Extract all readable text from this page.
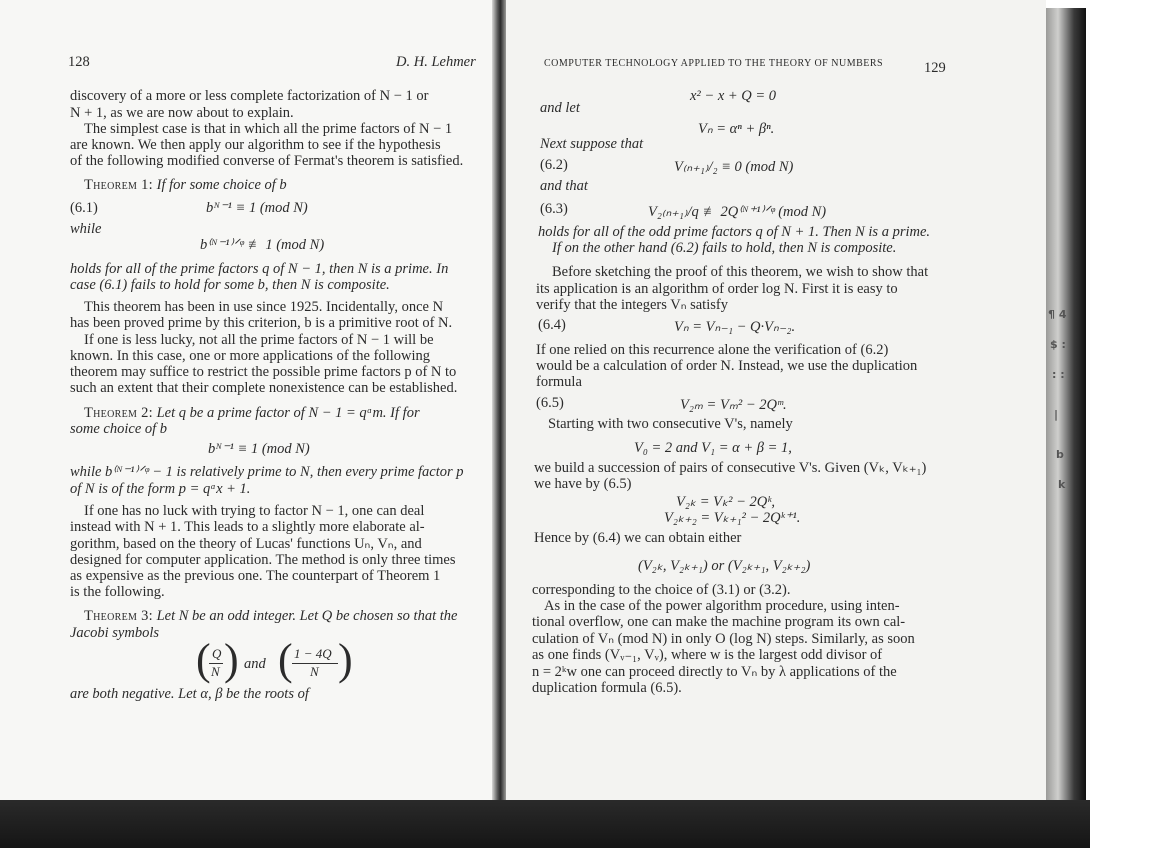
128	D. H. Lehmer
discovery of a more or less complete factorization of N − 1 or
N + 1, as we are now about to explain.
The simplest case is that in which all the prime factors of N − 1
are known. We then apply our algorithm to see if the hypothesis
of the following modified converse of Fermat's theorem is satisfied.
Theorem 1: If for some choice of b
(6.1)	bᴺ⁻¹ ≡ 1 (mod N)
while
b⁽ᴺ⁻¹⁾ᐟᵠ ≢ 1 (mod N)
holds for all of the prime factors q of N − 1, then N is a prime. In
case (6.1) fails to hold for some b, then N is composite.
This theorem has been in use since 1925. Incidentally, once N
has been proved prime by this criterion, b is a primitive root of N.
If one is less lucky, not all the prime factors of N − 1 will be
known. In this case, one or more applications of the following
theorem may suffice to restrict the possible prime factors p of N to
such an extent that their complete nonexistence can be established.
Theorem 2: Let q be a prime factor of N − 1 = qᵅm. If for
some choice of b
bᴺ⁻¹ ≡ 1 (mod N)
while b⁽ᴺ⁻¹⁾ᐟᵠ − 1 is relatively prime to N, then every prime factor p
of N is of the form p = qᵅx + 1.
If one has no luck with trying to factor N − 1, one can deal
instead with N + 1. This leads to a slightly more elaborate al-
gorithm, based on the theory of Lucas' functions Uₙ, Vₙ, and
designed for computer application. The method is only three times
as expensive as the previous one. The counterpart of Theorem 1
is the following.
Theorem 3: Let N be an odd integer. Let Q be chosen so that the
Jacobi symbols
( Q
N ) and ( 1 − 4Q
N )
are both negative. Let α, β be the roots of
COMPUTER TECHNOLOGY APPLIED TO THE THEORY OF NUMBERS	129
x² − x + Q = 0
and let
Vₙ = αⁿ + βⁿ.
Next suppose that
(6.2)	V₍ₙ₊₁₎/₂ ≡ 0 (mod N)
and that
(6.3)	V₂₍ₙ₊₁₎/q ≢ 2Q⁽ᴺ⁺¹⁾ᐟᵠ (mod N)
holds for all of the odd prime factors q of N + 1. Then N is a prime.
If on the other hand (6.2) fails to hold, then N is composite.
Before sketching the proof of this theorem, we wish to show that
its application is an algorithm of order log N. First it is easy to
verify that the integers Vₙ satisfy
(6.4)	Vₙ = Vₙ₋₁ − Q·Vₙ₋₂.
If one relied on this recurrence alone the verification of (6.2)
would be a calculation of order N. Instead, we use the duplication
formula
(6.5)	V₂ₘ = Vₘ² − 2Qᵐ.
Starting with two consecutive V's, namely
V₀ = 2 and V₁ = α + β = 1,
we build a succession of pairs of consecutive V's. Given (Vₖ, Vₖ₊₁)
we have by (6.5)
V₂ₖ = Vₖ² − 2Qᵏ,
V₂ₖ₊₂ = Vₖ₊₁² − 2Qᵏ⁺¹.
Hence by (6.4) we can obtain either
(V₂ₖ, V₂ₖ₊₁) or (V₂ₖ₊₁, V₂ₖ₊₂)
corresponding to the choice of (3.1) or (3.2).
As in the case of the power algorithm procedure, using inten-
tional overflow, one can make the machine program its own cal-
culation of Vₙ (mod N) in only O (log N) steps. Similarly, as soon
as one finds (Vᵥ₋₁, Vᵥ), where w is the largest odd divisor of
n = 2ᵏw one can proceed directly to Vₙ by λ applications of the
duplication formula (6.5).
¶ 4
$ :
: :
|
b
k
